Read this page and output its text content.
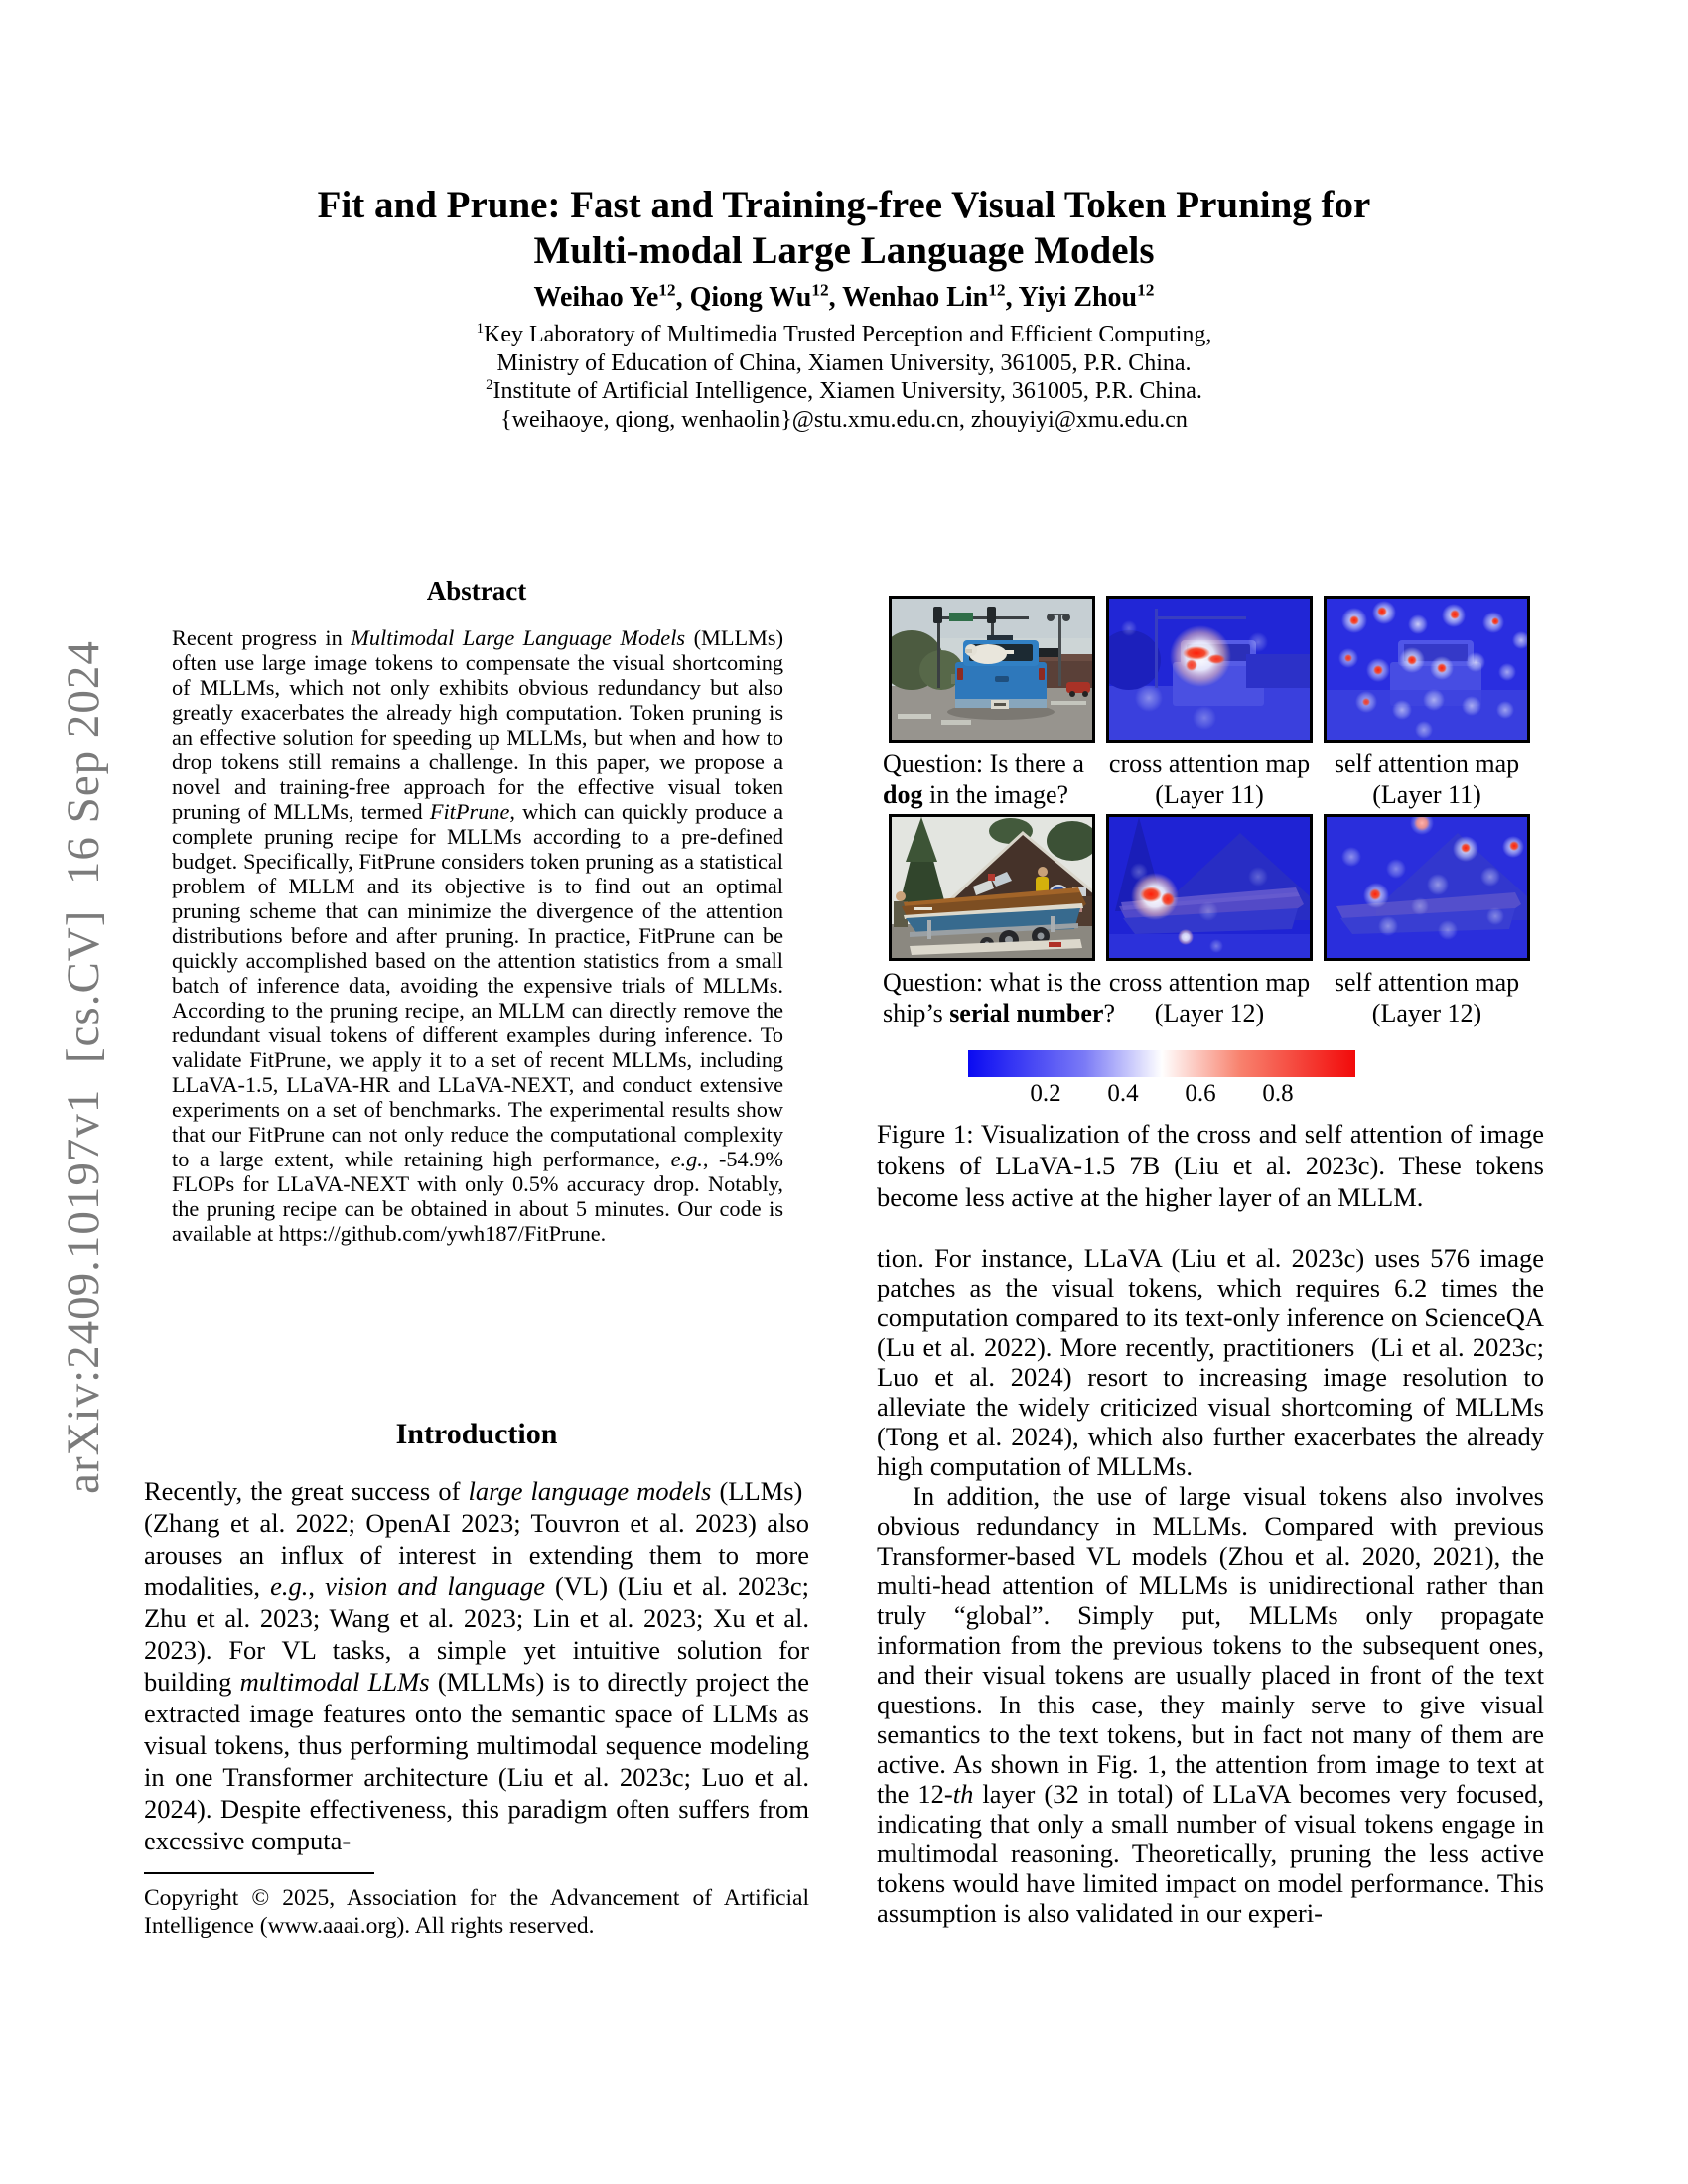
arXiv:2409.10197v1  [cs.CV]  16 Sep 2024
Fit and Prune: Fast and Training-free Visual Token Pruning for
Multi-modal Large Language Models
Weihao Ye$^{12}$, Qiong Wu$^{12}$, Wenhao Lin$^{12}$, Yiyi Zhou$^{12}$
$^1$Key Laboratory of Multimedia Trusted Perception and Efficient Computing,
Ministry of Education of China, Xiamen University, 361005, P.R. China.
$^2$Institute of Artificial Intelligence, Xiamen University, 361005, P.R. China.
{weihaoye, qiong, wenhaolin}@stu.xmu.edu.cn, zhouyiyi@xmu.edu.cn
Abstract
Recent progress in Multimodal Large Language Models (MLLMs) often use large image tokens to compensate the visual shortcoming of MLLMs, which not only exhibits obvious redundancy but also greatly exacerbates the already high computation. Token pruning is an effective solution for speeding up MLLMs, but when and how to drop tokens still remains a challenge. In this paper, we propose a novel and training-free approach for the effective visual token pruning of MLLMs, termed FitPrune, which can quickly produce a complete pruning recipe for MLLMs according to a pre-defined budget. Specifically, FitPrune considers token pruning as a statistical problem of MLLM and its objective is to find out an optimal pruning scheme that can minimize the divergence of the attention distributions before and after pruning. In practice, FitPrune can be quickly accomplished based on the attention statistics from a small batch of inference data, avoiding the expensive trials of MLLMs. According to the pruning recipe, an MLLM can directly remove the redundant visual tokens of different examples during inference. To validate FitPrune, we apply it to a set of recent MLLMs, including LLaVA-1.5, LLaVA-HR and LLaVA-NEXT, and conduct extensive experiments on a set of benchmarks. The experimental results show that our FitPrune can not only reduce the computational complexity to a large extent, while retaining high performance, e.g., -54.9% FLOPs for LLaVA-NEXT with only 0.5% accuracy drop. Notably, the pruning recipe can be obtained in about 5 minutes. Our code is available at https://github.com/ywh187/FitPrune.
Introduction
Recently, the great success of large language models (LLMs)  (Zhang et al. 2022; OpenAI 2023; Touvron et al. 2023) also arouses an influx of interest in extending them to more modalities, e.g., vision and language (VL) (Liu et al. 2023c; Zhu et al. 2023; Wang et al. 2023; Lin et al. 2023; Xu et al. 2023). For VL tasks, a simple yet intuitive solution for building multimodal LLMs (MLLMs) is to directly project the extracted image features onto the semantic space of LLMs as visual tokens, thus performing multimodal sequence modeling in one Transformer architecture (Liu et al. 2023c; Luo et al. 2024). Despite effectiveness, this paradigm often suffers from excessive computa-
Copyright © 2025, Association for the Advancement of Artificial Intelligence (www.aaai.org). All rights reserved.
Question: Is there a
dog in the image?
cross attention map
(Layer 11)
self attention map
(Layer 11)
Question: what is the
ship’s serial number?
cross attention map
(Layer 12)
self attention map
(Layer 12)
0.2	0.4	0.6	0.8
Figure 1: Visualization of the cross and self attention of image tokens of LLaVA-1.5 7B (Liu et al. 2023c). These tokens become less active at the higher layer of an MLLM.

tion. For instance, LLaVA (Liu et al. 2023c) uses 576 image patches as the visual tokens, which requires 6.2 times the computation compared to its text-only inference on ScienceQA (Lu et al. 2022). More recently, practitioners  (Li et al. 2023c; Luo et al. 2024) resort to increasing image resolution to alleviate the widely criticized visual shortcoming of MLLMs (Tong et al. 2024), which also further exacerbates the already high computation of MLLMs.

In addition, the use of large visual tokens also involves obvious redundancy in MLLMs. Compared with previous Transformer-based VL models (Zhou et al. 2020, 2021), the multi-head attention of MLLMs is unidirectional rather than truly “global”. Simply put, MLLMs only propagate information from the previous tokens to the subsequent ones, and their visual tokens are usually placed in front of the text questions. In this case, they mainly serve to give visual semantics to the text tokens, but in fact not many of them are active. As shown in Fig. 1, the attention from image to text at the 12-th layer (32 in total) of LLaVA becomes very focused, indicating that only a small number of visual tokens engage in multimodal reasoning. Theoretically, pruning the less active tokens would have limited impact on model performance. This assumption is also validated in our experi-
